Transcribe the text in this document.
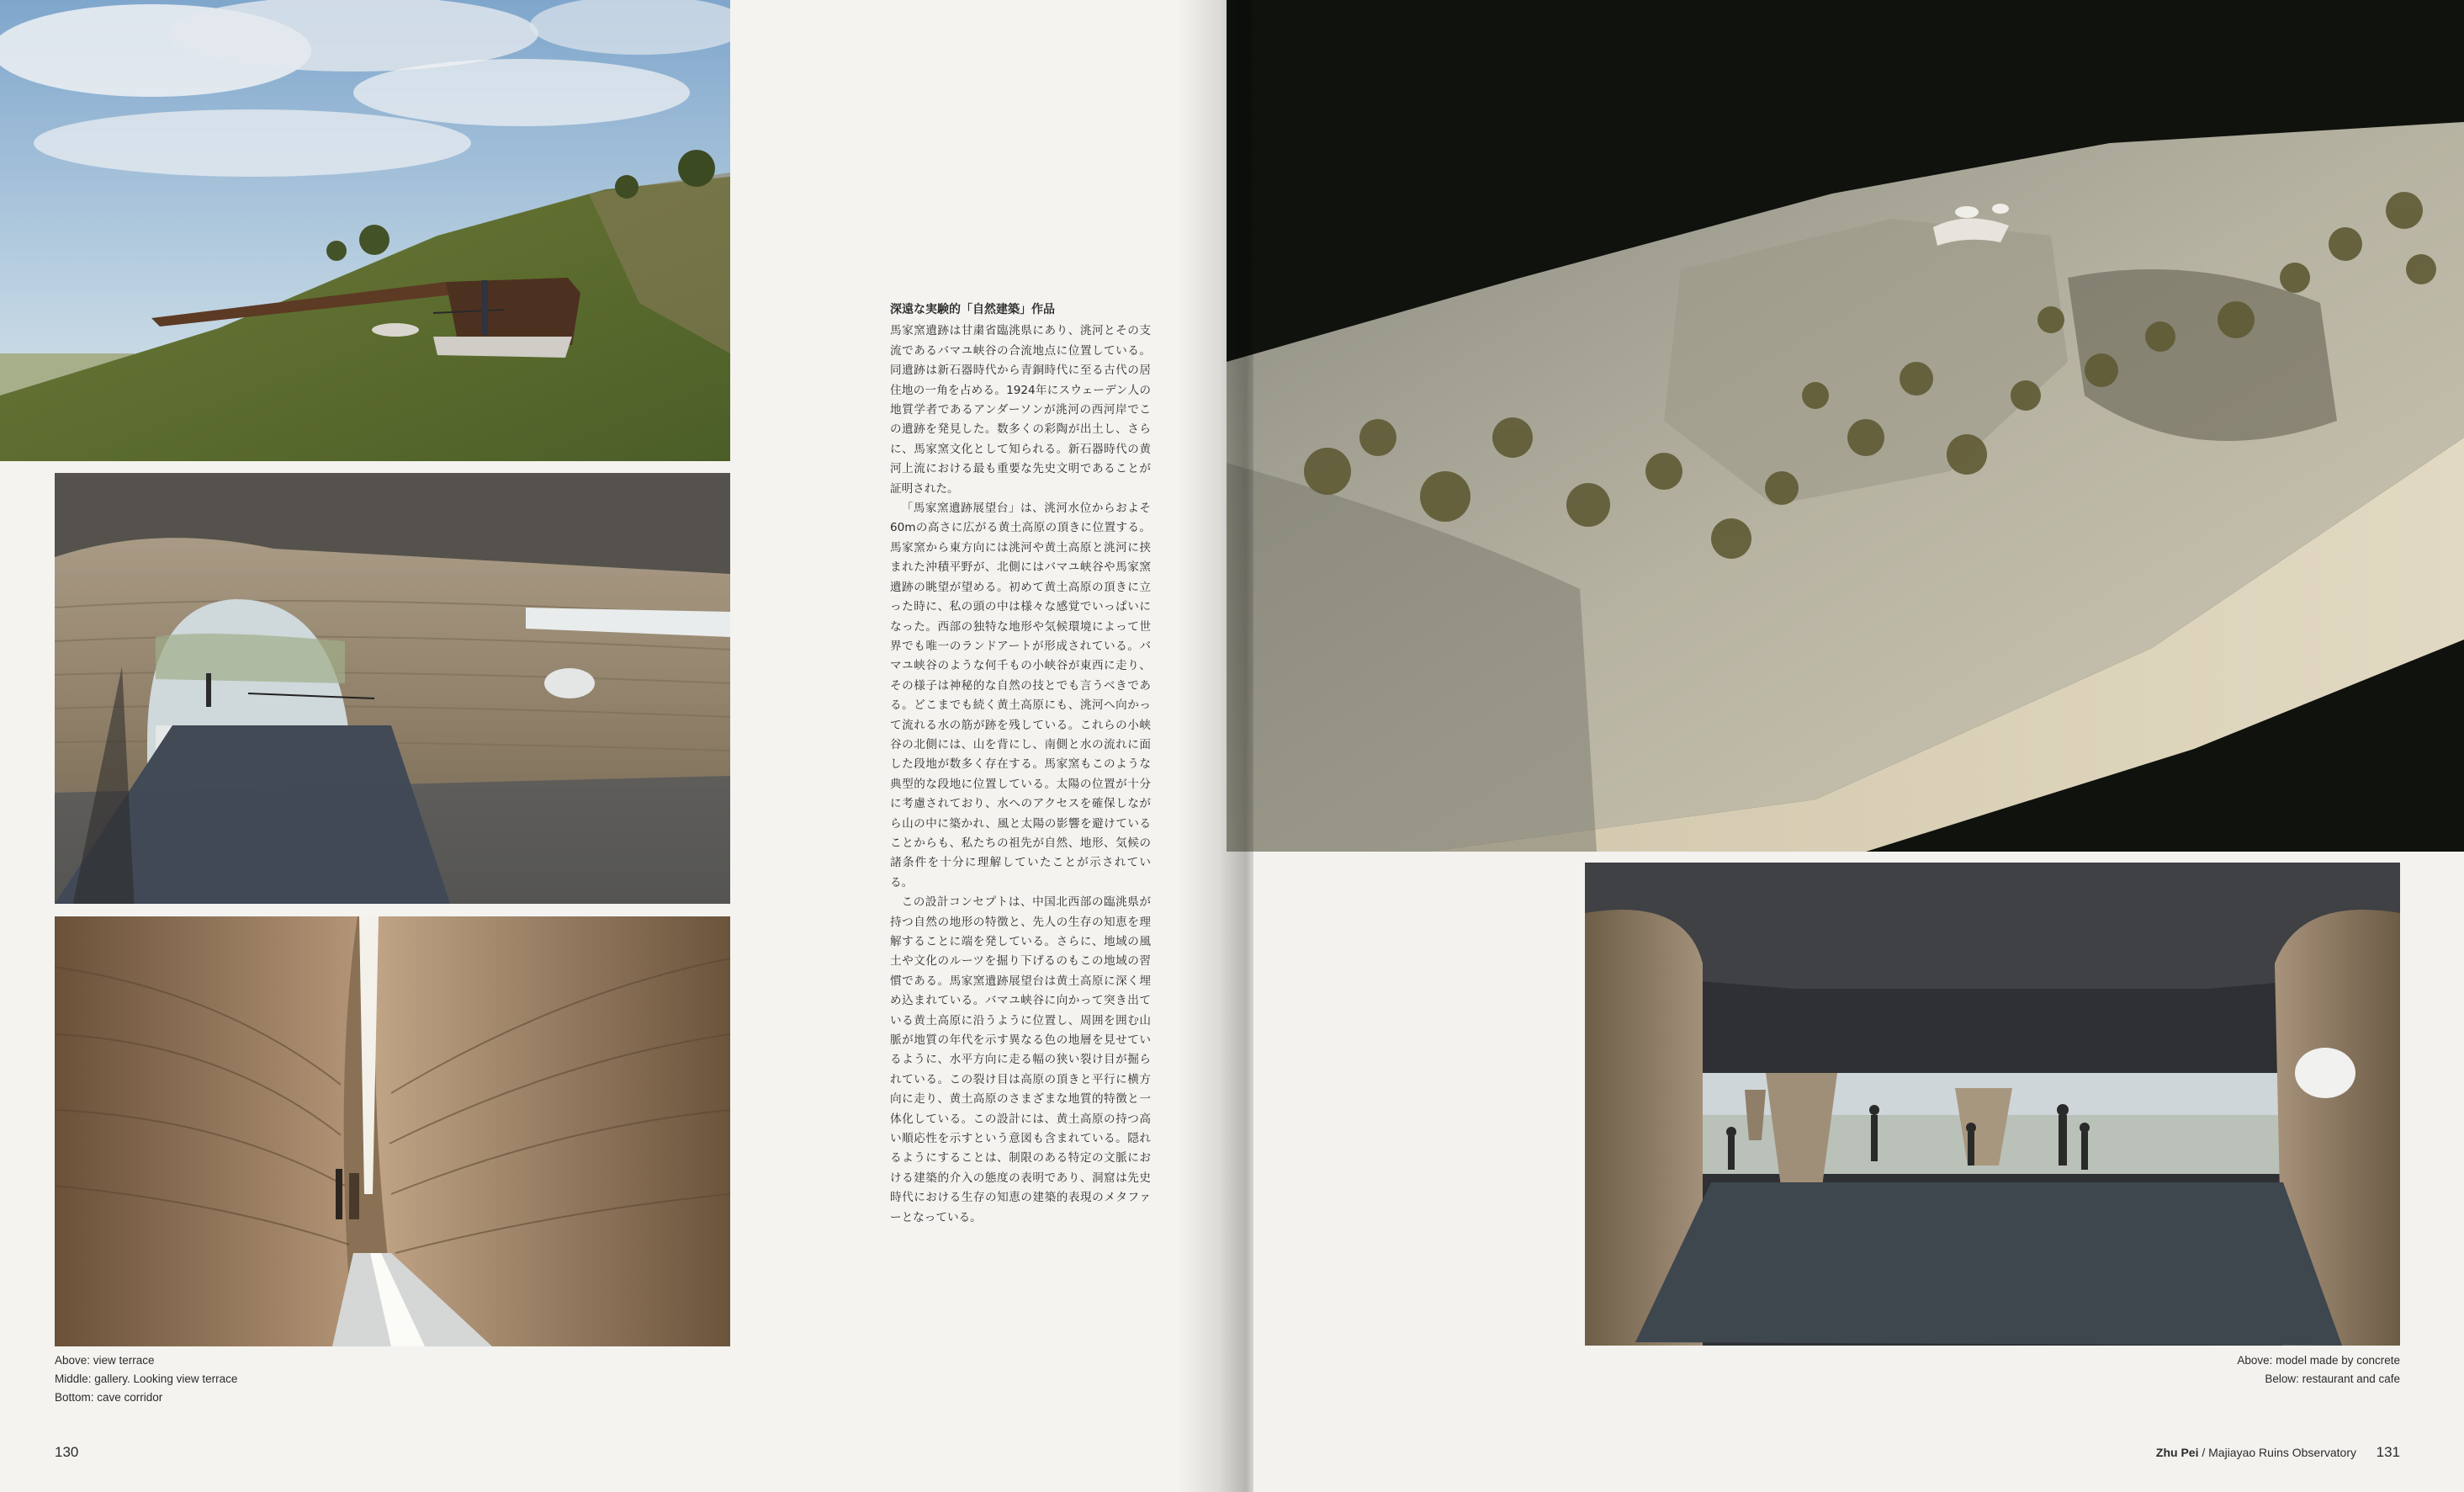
深遠な実験的「自然建築」作品

馬家窯遺跡は甘粛省臨洮県にあり、洮河とその支流であるバマユ峡谷の合流地点に位置している。同遺跡は新石器時代から青銅時代に至る古代の居住地の一角を占める。1924年にスウェーデン人の地質学者であるアンダーソンが洮河の西河岸でこの遺跡を発見した。数多くの彩陶が出土し、さらに、馬家窯文化として知られる。新石器時代の黄河上流における最も重要な先史文明であることが証明された。

「馬家窯遺跡展望台」は、洮河水位からおよそ60mの高さに広がる黄土高原の頂きに位置する。馬家窯から東方向には洮河や黄土高原と洮河に挟まれた沖積平野が、北側にはバマユ峡谷や馬家窯遺跡の眺望が望める。初めて黄土高原の頂きに立った時に、私の頭の中は様々な感覚でいっぱいになった。西部の独特な地形や気候環境によって世界でも唯一のランドアートが形成されている。バマユ峡谷のような何千もの小峡谷が東西に走り、その様子は神秘的な自然の技とでも言うべきである。どこまでも続く黄土高原にも、洮河へ向かって流れる水の筋が跡を残している。これらの小峡谷の北側には、山を背にし、南側と水の流れに面した段地が数多く存在する。馬家窯もこのような典型的な段地に位置している。太陽の位置が十分に考慮されており、水へのアクセスを確保しながら山の中に築かれ、風と太陽の影響を避けていることからも、私たちの祖先が自然、地形、気候の諸条件を十分に理解していたことが示されている。

この設計コンセプトは、中国北西部の臨洮県が持つ自然の地形の特徴と、先人の生存の知恵を理解することに端を発している。さらに、地域の風土や文化のルーツを掘り下げるのもこの地域の習慣である。馬家窯遺跡展望台は黄土高原に深く埋め込まれている。バマユ峡谷に向かって突き出ている黄土高原に沿うように位置し、周囲を囲む山脈が地質の年代を示す異なる色の地層を見せているように、水平方向に走る幅の狭い裂け目が掘られている。この裂け目は高原の頂きと平行に横方向に走り、黄土高原のさまざまな地質的特徴と一体化している。この設計には、黄土高原の持つ高い順応性を示すという意図も含まれている。隠れるようにすることは、制限のある特定の文脈における建築的介入の態度の表明であり、洞窟は先史時代における生存の知恵の建築的表現のメタファーとなっている。

Above: view terrace
Middle: gallery. Looking view terrace
Bottom: cave corridor
Above: model made by concrete
Below: restaurant and cafe
130	Zhu Pei / Majiayao Ruins Observatory 131
